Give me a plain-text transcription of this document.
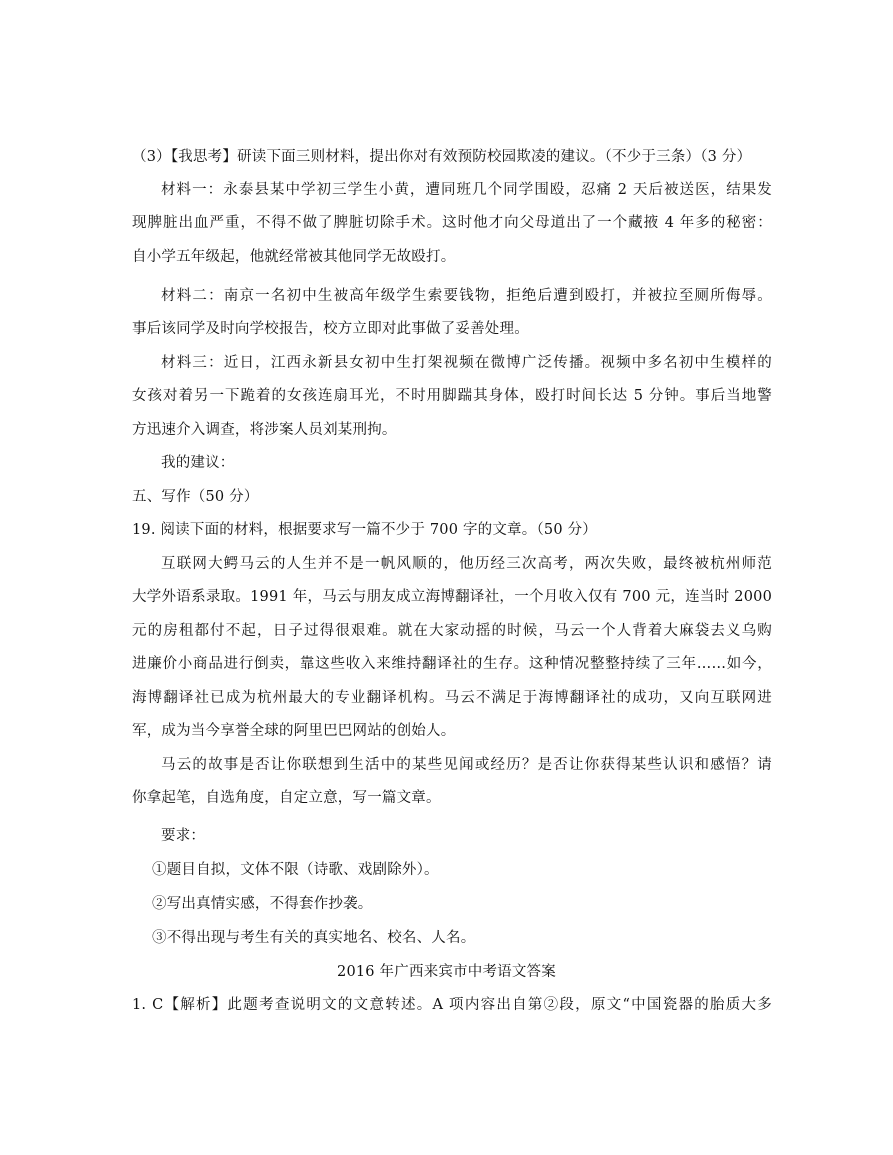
（3）【我思考】研读下面三则材料，提出你对有效预防校园欺凌的建议。（不少于三条）（3 分）
材料一：永泰县某中学初三学生小黄，遭同班几个同学围殴，忍痛 2 天后被送医，结果发
现脾脏出血严重，不得不做了脾脏切除手术。这时他才向父母道出了一个藏掖 4 年多的秘密：
自小学五年级起，他就经常被其他同学无故殴打。
材料二：南京一名初中生被高年级学生索要钱物，拒绝后遭到殴打，并被拉至厕所侮辱。
事后该同学及时向学校报告，校方立即对此事做了妥善处理。
材料三：近日，江西永新县女初中生打架视频在微博广泛传播。视频中多名初中生模样的
女孩对着另一下跪着的女孩连扇耳光，不时用脚踹其身体，殴打时间长达 5 分钟。事后当地警
方迅速介入调查，将涉案人员刘某刑拘。
我的建议：
五、写作（50 分）
19. 阅读下面的材料，根据要求写一篇不少于 700 字的文章。（50 分）
互联网大鳄马云的人生并不是一帆风顺的，他历经三次高考，两次失败，最终被杭州师范
大学外语系录取。1991 年，马云与朋友成立海博翻译社，一个月收入仅有 700 元，连当时 2000
元的房租都付不起，日子过得很艰难。就在大家动摇的时候，马云一个人背着大麻袋去义乌购
进廉价小商品进行倒卖，靠这些收入来维持翻译社的生存。这种情况整整持续了三年……如今，
海博翻译社已成为杭州最大的专业翻译机构。马云不满足于海博翻译社的成功，又向互联网进
军，成为当今享誉全球的阿里巴巴网站的创始人。
马云的故事是否让你联想到生活中的某些见闻或经历？是否让你获得某些认识和感悟？请
你拿起笔，自选角度，自定立意，写一篇文章。
要求：
①题目自拟，文体不限（诗歌、戏剧除外）。
②写出真情实感，不得套作抄袭。
③不得出现与考生有关的真实地名、校名、人名。
2016 年广西来宾市中考语文答案
1. C【解析】此题考查说明文的文意转述。A 项内容出自第②段，原文“中国瓷器的胎质大多
